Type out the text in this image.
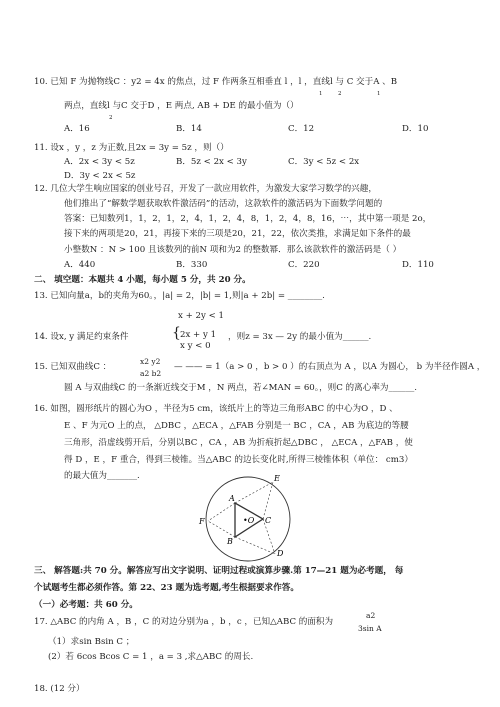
10. 已知 F 为抛物线C ：y2 = 4x 的焦点，过 F 作两条互相垂直 l ，l ，直线l 与 C 交于A 、B
1	2	1
两点，直线l 与C 交于D ，E 两点, AB + DE 的最小值为（）
2
A．16	B．14	C．12	D．10
11. 设x ，y ，z 为正数,且2x = 3y = 5z ，则（）
A．2x < 3y < 5z	B．5z < 2x < 3y	C．3y < 5z < 2x
D．3y < 2x < 5z
12. 几位大学生响应国家的创业号召，开发了一款应用软件，为激发大家学习数学的兴趣，
他们推出了“解数学题获取软件激活码”的活动，这款软件的激活码为下面数学问题的
答案：已知数列1，1，2，1，2，4，1，2，4，8，1，2，4，8，16，⋯，其中第一项是 2o，
接下来的两项是20，21，再接下来的三项是20，21，22，依次类推，求满足如下条件的最
小整数N ：N > 100 且该数列的前N 项和为2 的整数幂．那么该款软件的激活码是（ ）
A．440	B．330	C．220	D．110
二、 填空题：本题共 4 小题，每小题 5 分，共 20 分。
13. 已知向量a，b的夹角为60。，|a| = 2，|b| = 1,则|a + 2b| = ________.
x + 2y < 1
14. 设x, y 满足约束条件	{ 2x + y 1
x y < 0
，则z = 3x — 2y 的最小值为______.
15. 已知双曲线C ：
x2 y2
a2 b2
— —— = 1（a > 0 ，b > 0 ）的右顶点为 A ，以A 为圆心， b 为半径作圆A ，
圆 A 与双曲线C 的一条渐近线交于M ，N 两点，若∠MAN = 60。，则C 的离心率为______.
16. 如图，圆形纸片的圆心为O ，半径为5 cm，该纸片上的等边三角形ABC 的中心为O ，D 、
E 、F 为元O 上的点， △DBC ，△ECA ，△FAB 分别是一 BC ，CA ，AB 为底边的等腰
三角形，沿虚线剪开后，分别以BC ，CA ，AB 为折痕折起△DBC ， △ECA ，△FAB ，使
得 D ，E ，F 重合，得到三棱锥。当△ABC 的边长变化时,所得三棱锥体积（单位： cm3）
的最大值为_______.
A
B
C
D
E
F	•O
三、 解答题:共 70 分。解答应写出文字说明、证明过程或演算步骤.第 17—21 题为必考题， 每
个试题考生都必须作答。第 22、23 题为选考题,考生根据要求作答。
（一）必考题：共 60 分。
17. △ABC 的内角 A ，B ，C 的对边分别为a ，b ，c ，已知△ABC 的面积为
a2
3sin A
（1）求sin Bsin C ；
(2）若 6cos Bcos C = 1 ，a = 3 ,求△ABC 的周长.
18. (12 分）
